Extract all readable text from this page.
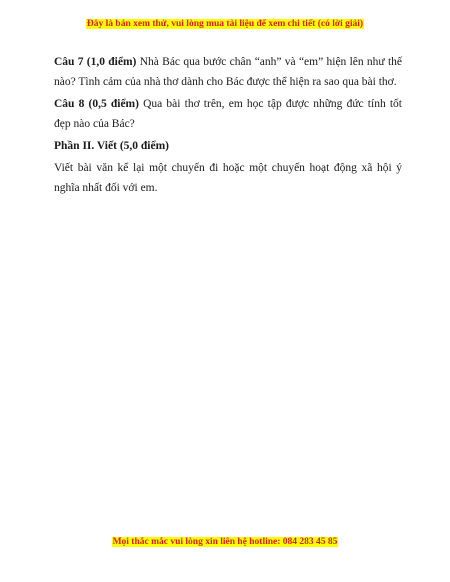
Đây là bản xem thử, vui lòng mua tài liệu để xem chi tiết (có lời giải)

Câu 7 (1,0 điểm) Nhà Bác qua bước chân “anh” và “em” hiện lên như thế nào? Tình cảm của nhà thơ dành cho Bác được thể hiện ra sao qua bài thơ.

Câu 8 (0,5 điểm) Qua bài thơ trên, em học tập được những đức tính tốt đẹp nào của Bác?

Phần II. Viết (5,0 điểm)

Viết bài văn kể lại một chuyến đi hoặc một chuyến hoạt động xã hội ý nghĩa nhất đối với em.

Mọi thắc mắc vui lòng xin liên hệ hotline: 084 283 45 85
